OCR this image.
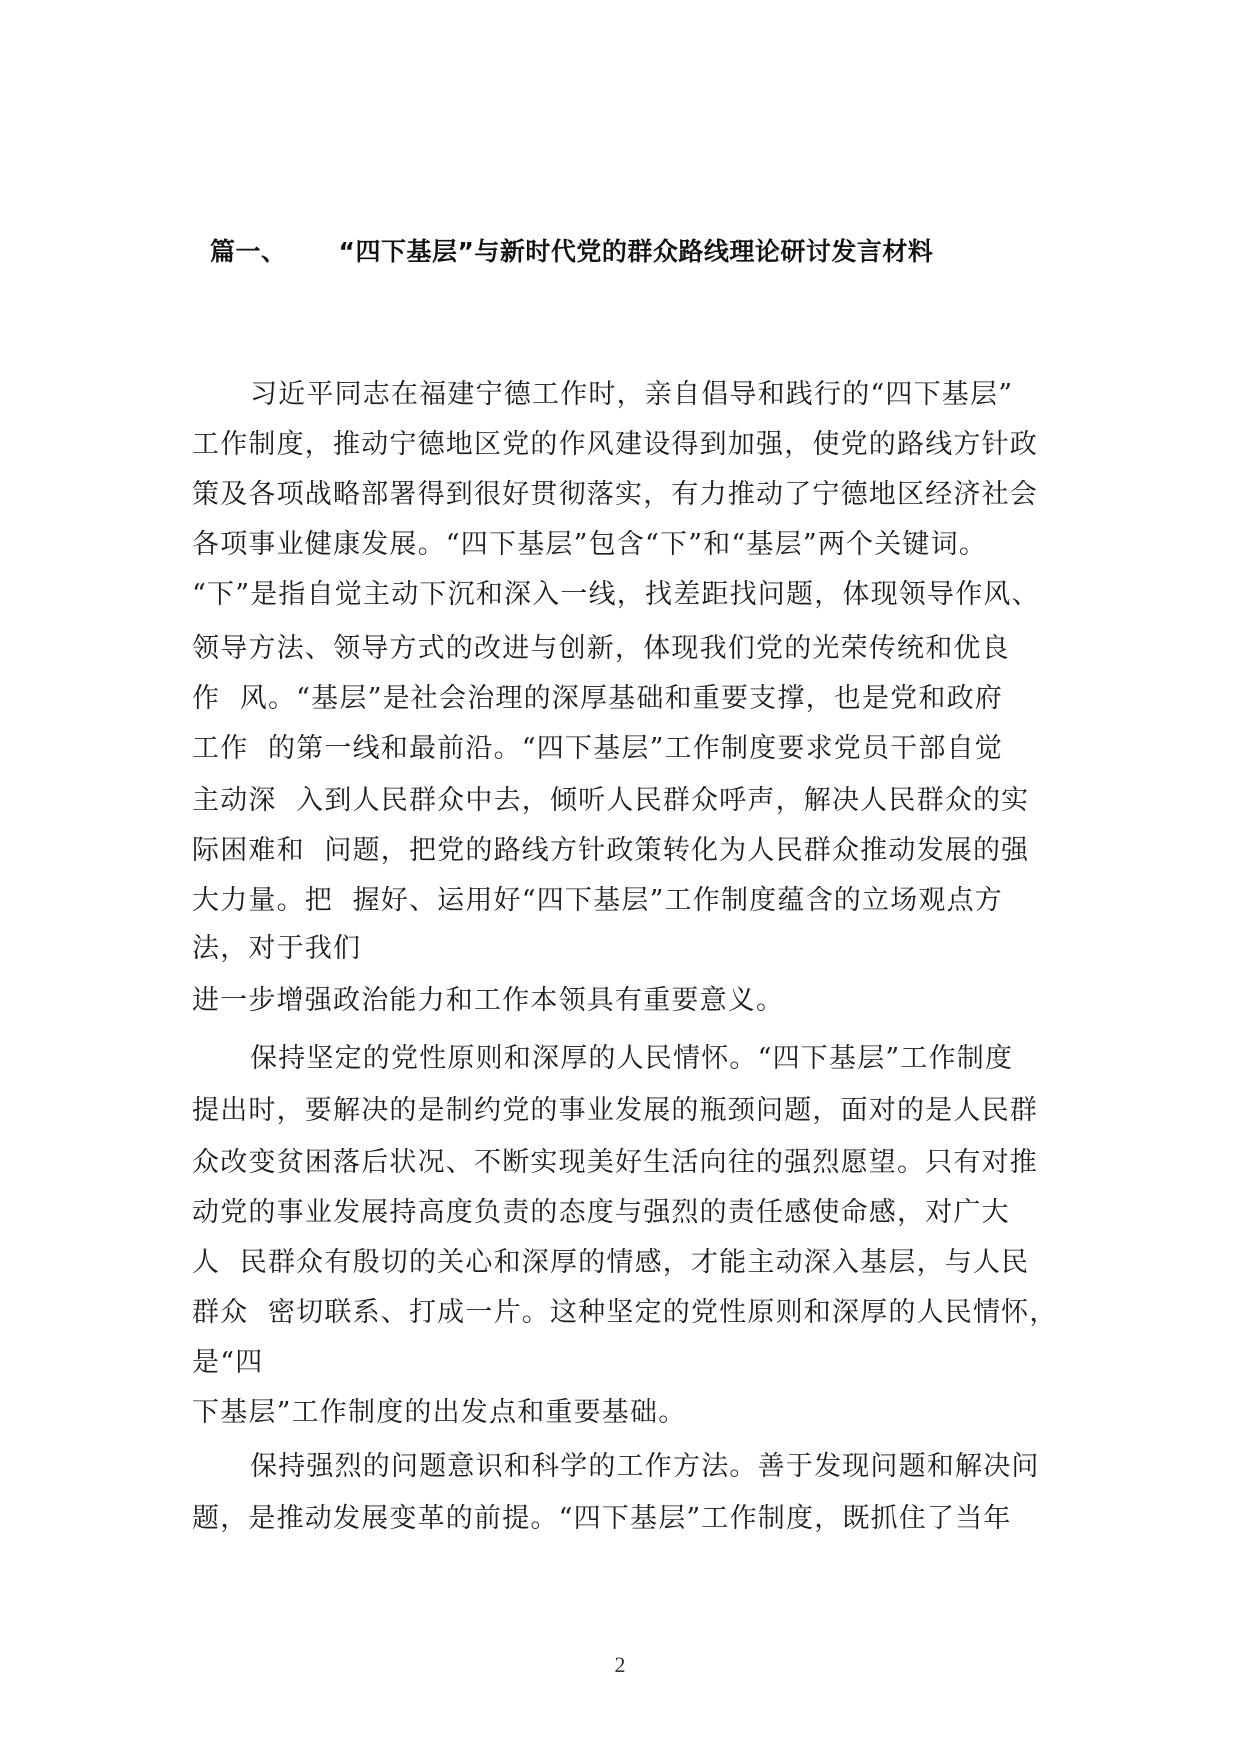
篇一、 “四下基层”与新时代党的群众路线理论研讨发言材料
习近平同志在福建宁德工作时，亲自倡导和践行的“四下基层”
工作制度，推动宁德地区党的作风建设得到加强，使党的路线方针政
策及各项战略部署得到很好贯彻落实，有力推动了宁德地区经济社会
各项事业健康发展。“四下基层”包含“下”和“基层”两个关键词。
“下”是指自觉主动下沉和深入一线，找差距找问题，体现领导作风、
领导方法、领导方式的改进与创新，体现我们党的光荣传统和优良
作  风。“基层”是社会治理的深厚基础和重要支撑，也是党和政府
工作  的第一线和最前沿。“四下基层”工作制度要求党员干部自觉
主动深  入到人民群众中去，倾听人民群众呼声，解决人民群众的实
际困难和  问题，把党的路线方针政策转化为人民群众推动发展的强
大力量。把  握好、运用好“四下基层”工作制度蕴含的立场观点方
法，对于我们
进一步增强政治能力和工作本领具有重要意义。
保持坚定的党性原则和深厚的人民情怀。“四下基层”工作制度
提出时，要解决的是制约党的事业发展的瓶颈问题，面对的是人民群
众改变贫困落后状况、不断实现美好生活向往的强烈愿望。只有对推
动党的事业发展持高度负责的态度与强烈的责任感使命感，对广大
人  民群众有殷切的关心和深厚的情感，才能主动深入基层，与人民
群众  密切联系、打成一片。这种坚定的党性原则和深厚的人民情怀，
是“四
下基层”工作制度的出发点和重要基础。
保持强烈的问题意识和科学的工作方法。善于发现问题和解决问
题，是推动发展变革的前提。“四下基层”工作制度，既抓住了当年
2
